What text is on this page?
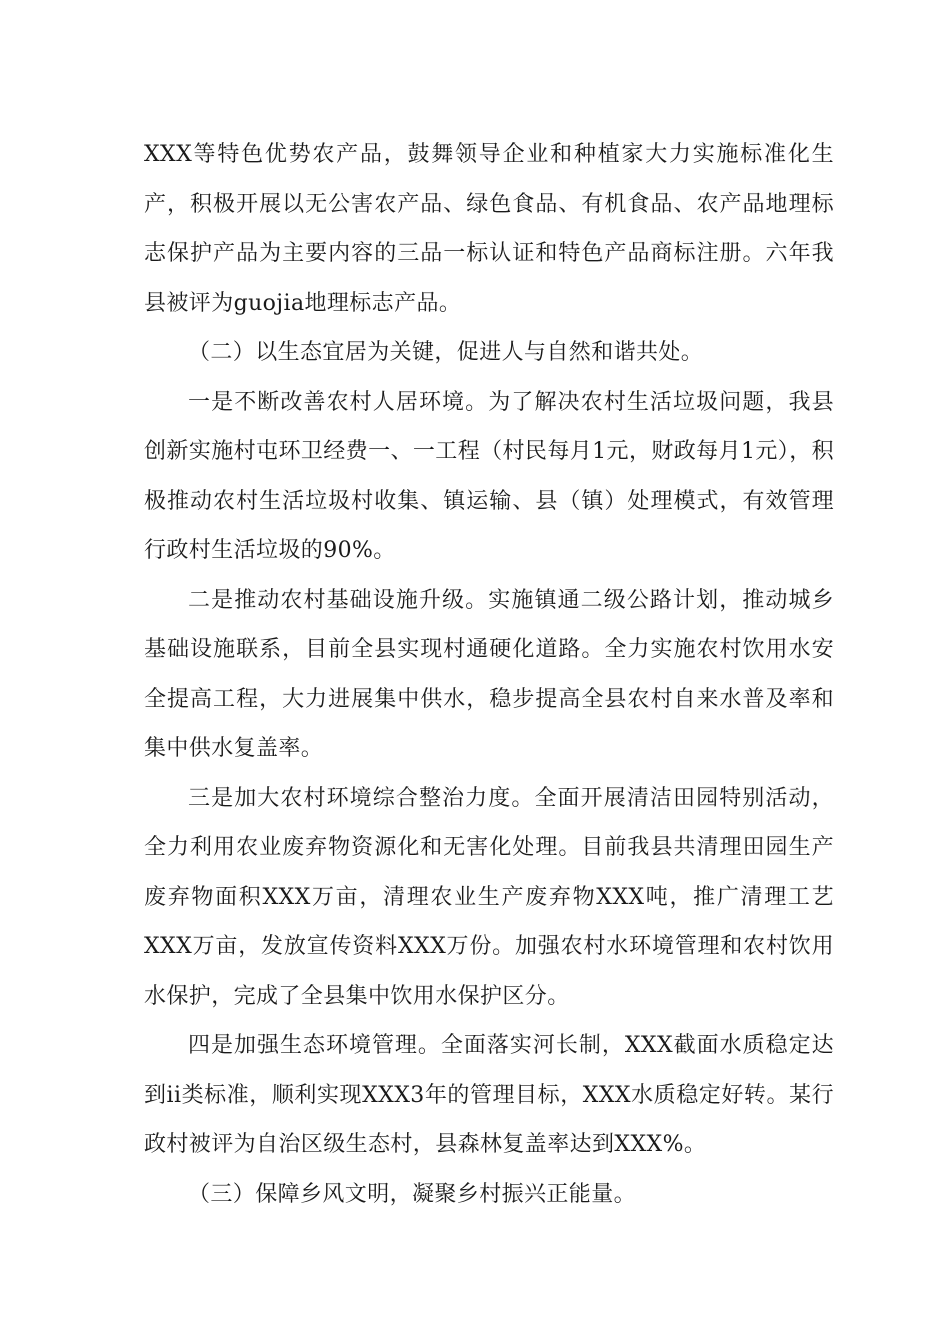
XXX等特色优势农产品，鼓舞领导企业和种植家大力实施标准化生产，积极开展以无公害农产品、绿色食品、有机食品、农产品地理标志保护产品为主要内容的三品一标认证和特色产品商标注册。六年我县被评为guojia地理标志产品。

（二）以生态宜居为关键，促进人与自然和谐共处。

一是不断改善农村人居环境。为了解决农村生活垃圾问题，我县创新实施村屯环卫经费一、一工程（村民每月1元，财政每月1元），积极推动农村生活垃圾村收集、镇运输、县（镇）处理模式，有效管理行政村生活垃圾的90%。

二是推动农村基础设施升级。实施镇通二级公路计划，推动城乡基础设施联系，目前全县实现村通硬化道路。全力实施农村饮用水安全提高工程，大力进展集中供水，稳步提高全县农村自来水普及率和集中供水复盖率。

三是加大农村环境综合整治力度。全面开展清洁田园特别活动，全力利用农业废弃物资源化和无害化处理。目前我县共清理田园生产废弃物面积XXX万亩，清理农业生产废弃物XXX吨，推广清理工艺XXX万亩，发放宣传资料XXX万份。加强农村水环境管理和农村饮用水保护，完成了全县集中饮用水保护区分。

四是加强生态环境管理。全面落实河长制，XXX截面水质稳定达到ii类标准，顺利实现XXX3年的管理目标，XXX水质稳定好转。某行政村被评为自治区级生态村，县森林复盖率达到XXX%。

（三）保障乡风文明，凝聚乡村振兴正能量。
